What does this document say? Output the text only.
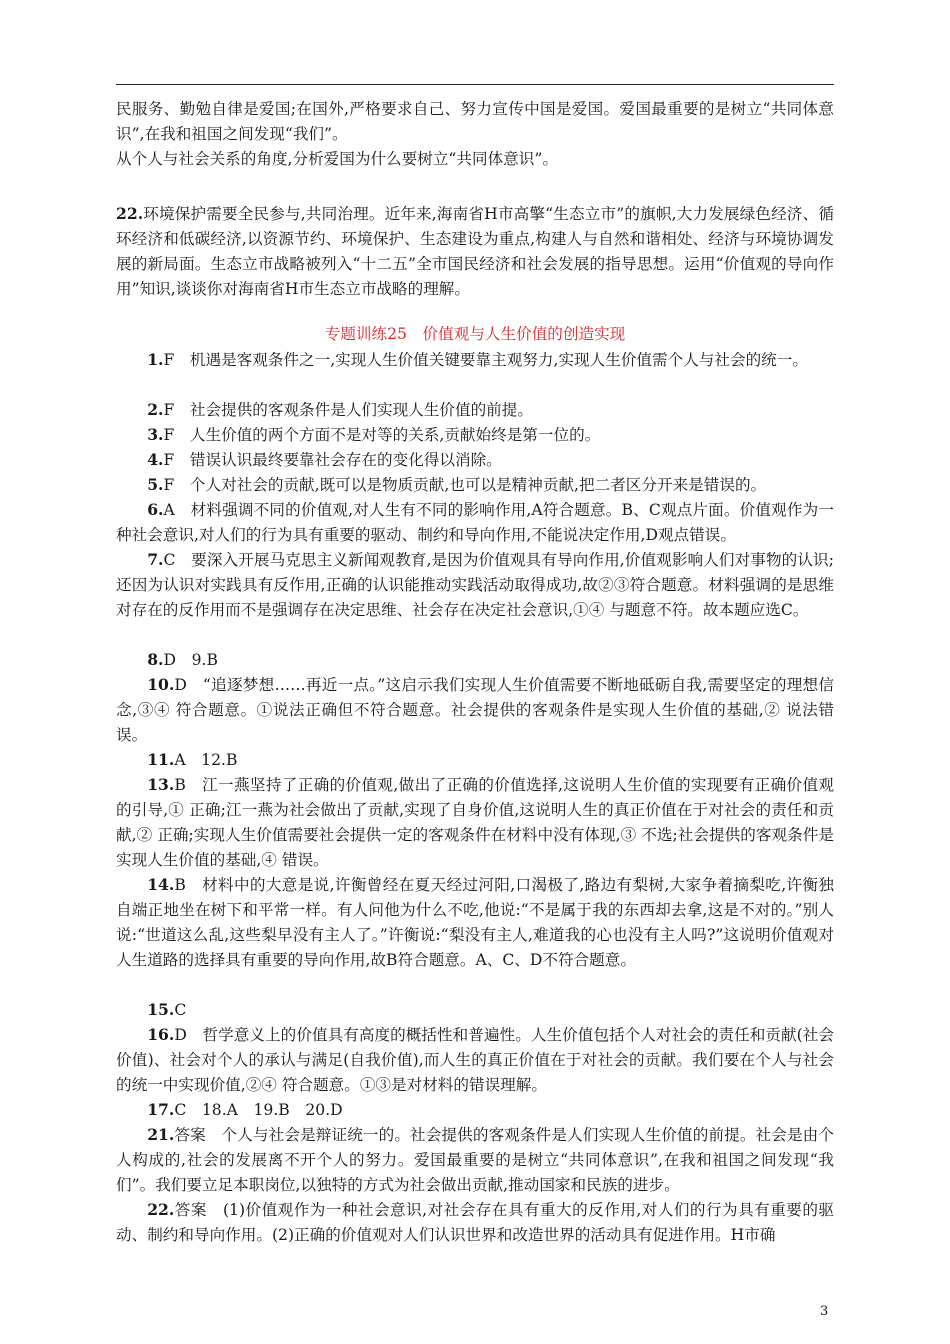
民服务、勤勉自律是爱国;在国外,严格要求自己、努力宣传中国是爱国。爱国最重要的是树立“共同体意识”,在我和祖国之间发现“我们”。

从个人与社会关系的角度,分析爱国为什么要树立“共同体意识”。

22.环境保护需要全民参与,共同治理。近年来,海南省H市高擎“生态立市”的旗帜,大力发展绿色经济、循环经济和低碳经济,以资源节约、环境保护、生态建设为重点,构建人与自然和谐相处、经济与环境协调发展的新局面。生态立市战略被列入“十二五”全市国民经济和社会发展的指导思想。运用“价值观的导向作用”知识,谈谈你对海南省H市生态立市战略的理解。

专题训练25　价值观与人生价值的创造实现

1.F　机遇是客观条件之一,实现人生价值关键要靠主观努力,实现人生价值需个人与社会的统一。

2.F　社会提供的客观条件是人们实现人生价值的前提。

3.F　人生价值的两个方面不是对等的关系,贡献始终是第一位的。

4.F　错误认识最终要靠社会存在的变化得以消除。

5.F　个人对社会的贡献,既可以是物质贡献,也可以是精神贡献,把二者区分开来是错误的。

6.A　材料强调不同的价值观,对人生有不同的影响作用,A符合题意。B、C观点片面。价值观作为一种社会意识,对人们的行为具有重要的驱动、制约和导向作用,不能说决定作用,D观点错误。

7.C　要深入开展马克思主义新闻观教育,是因为价值观具有导向作用,价值观影响人们对事物的认识;还因为认识对实践具有反作用,正确的认识能推动实践活动取得成功,故②③符合题意。材料强调的是思维对存在的反作用而不是强调存在决定思维、社会存在决定社会意识,①④ 与题意不符。故本题应选C。

8.D　9.B

10.D　“追逐梦想……再近一点。”这启示我们实现人生价值需要不断地砥砺自我,需要坚定的理想信念,③④ 符合题意。①说法正确但不符合题意。社会提供的客观条件是实现人生价值的基础,② 说法错误。

11.A　12.B

13.B　江一燕坚持了正确的价值观,做出了正确的价值选择,这说明人生价值的实现要有正确价值观的引导,① 正确;江一燕为社会做出了贡献,实现了自身价值,这说明人生的真正价值在于对社会的责任和贡献,② 正确;实现人生价值需要社会提供一定的客观条件在材料中没有体现,③ 不选;社会提供的客观条件是实现人生价值的基础,④ 错误。

14.B　材料中的大意是说,许衡曾经在夏天经过河阳,口渴极了,路边有梨树,大家争着摘梨吃,许衡独自端正地坐在树下和平常一样。有人问他为什么不吃,他说:“不是属于我的东西却去拿,这是不对的。”别人说:“世道这么乱,这些梨早没有主人了。”许衡说:“梨没有主人,难道我的心也没有主人吗?”这说明价值观对人生道路的选择具有重要的导向作用,故B符合题意。A、C、D不符合题意。

15.C

16.D　哲学意义上的价值具有高度的概括性和普遍性。人生价值包括个人对社会的责任和贡献(社会价值)、社会对个人的承认与满足(自我价值),而人生的真正价值在于对社会的贡献。我们要在个人与社会的统一中实现价值,②④ 符合题意。①③是对材料的错误理解。

17.C　18.A　19.B　20.D

21.答案　个人与社会是辩证统一的。社会提供的客观条件是人们实现人生价值的前提。社会是由个人构成的,社会的发展离不开个人的努力。爱国最重要的是树立“共同体意识”,在我和祖国之间发现“我们”。我们要立足本职岗位,以独特的方式为社会做出贡献,推动国家和民族的进步。

22.答案　(1)价值观作为一种社会意识,对社会存在具有重大的反作用,对人们的行为具有重要的驱动、制约和导向作用。(2)正确的价值观对人们认识世界和改造世界的活动具有促进作用。H市确

3
